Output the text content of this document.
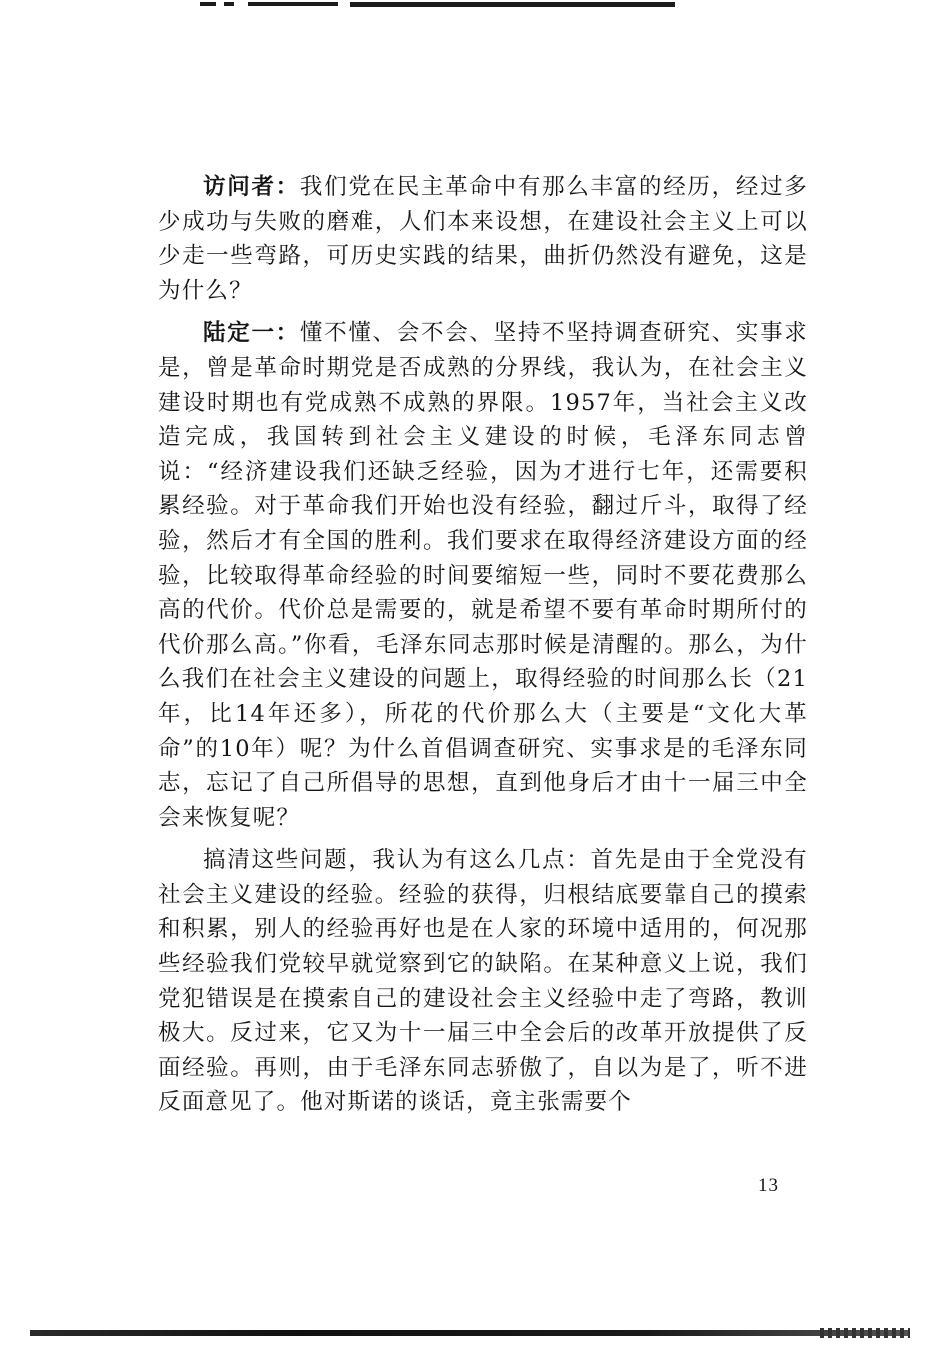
访问者：我们党在民主革命中有那么丰富的经历，经过多少成功与失败的磨难，人们本来设想，在建设社会主义上可以少走一些弯路，可历史实践的结果，曲折仍然没有避免，这是为什么？

陆定一：懂不懂、会不会、坚持不坚持调查研究、实事求是，曾是革命时期党是否成熟的分界线，我认为，在社会主义建设时期也有党成熟不成熟的界限。1957年，当社会主义改造完成，我国转到社会主义建设的时候，毛泽东同志曾说：“经济建设我们还缺乏经验，因为才进行七年，还需要积累经验。对于革命我们开始也没有经验，翻过斤斗，取得了经验，然后才有全国的胜利。我们要求在取得经济建设方面的经验，比较取得革命经验的时间要缩短一些，同时不要花费那么高的代价。代价总是需要的，就是希望不要有革命时期所付的代价那么高。”你看，毛泽东同志那时候是清醒的。那么，为什么我们在社会主义建设的问题上，取得经验的时间那么长（21年，比14年还多），所花的代价那么大（主要是“文化大革命”的10年）呢？为什么首倡调查研究、实事求是的毛泽东同志，忘记了自己所倡导的思想，直到他身后才由十一届三中全会来恢复呢？

搞清这些问题，我认为有这么几点：首先是由于全党没有社会主义建设的经验。经验的获得，归根结底要靠自己的摸索和积累，别人的经验再好也是在人家的环境中适用的，何况那些经验我们党较早就觉察到它的缺陷。在某种意义上说，我们党犯错误是在摸索自己的建设社会主义经验中走了弯路，教训极大。反过来，它又为十一届三中全会后的改革开放提供了反面经验。再则，由于毛泽东同志骄傲了，自以为是了，听不进反面意见了。他对斯诺的谈话，竟主张需要个

13
